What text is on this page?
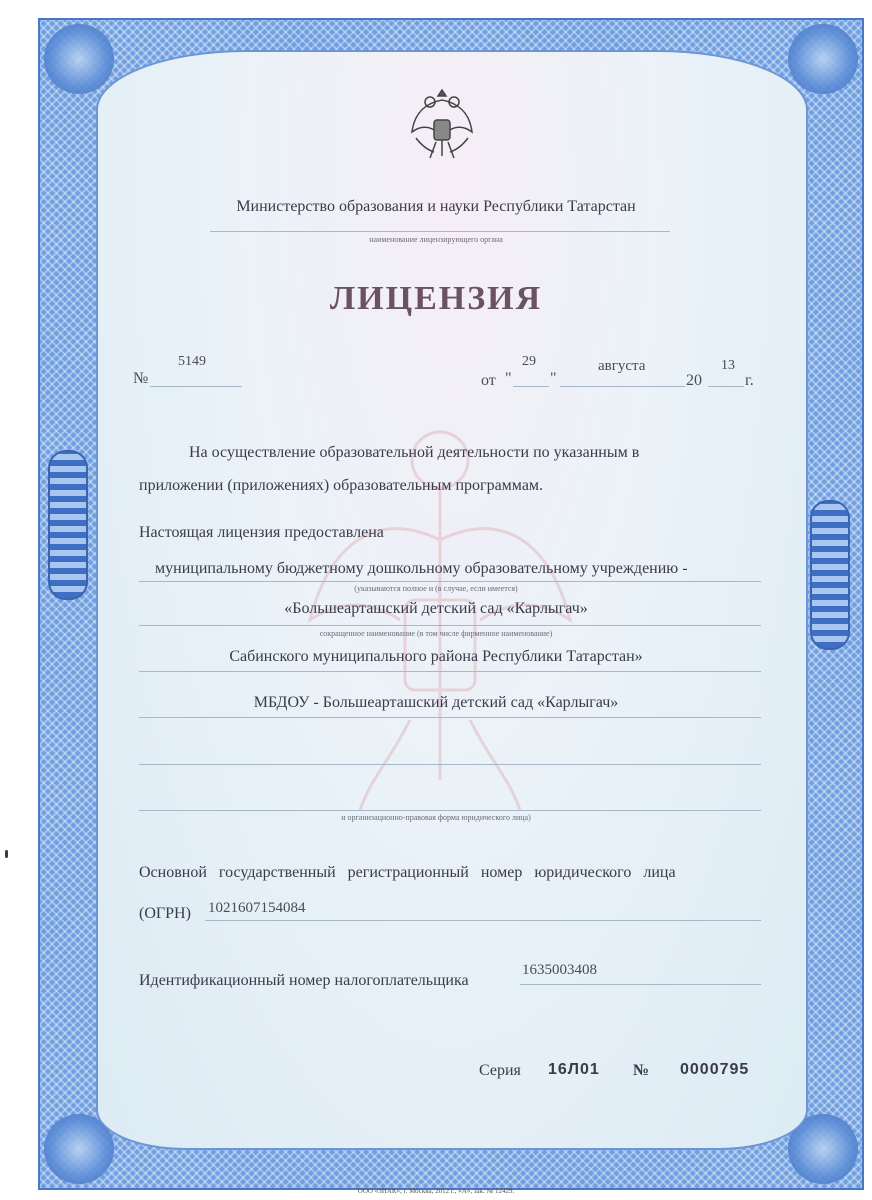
Министерство образования и науки Республики Татарстан
наименование лицензирующего органа
ЛИЦЕНЗИЯ
№
5149
от "
29
"
августа
20
13
г.
На осуществление образовательной деятельности по указанным в
приложении (приложениях) образовательным программам.
Настоящая лицензия предоставлена
муниципальному бюджетному дошкольному образовательному учреждению -
(указываются полное и (в случае, если имеется)
«Большеарташский детский сад «Карлыгач»
сокращенное наименование (в том числе фирменное наименование)
Сабинского муниципального района Республики Татарстан»
МБДОУ - Большеарташский детский сад «Карлыгач»
и организационно-правовая форма юридического лица)
Основной государственный регистрационный номер юридического лица
(ОГРН) 1021607154084
Идентификационный номер налогоплательщика
1635003408
Серия 16Л01 № 0000795
ООО «ЗНАК», г. Москва, 2012 г., «А», зак. № 12429.
